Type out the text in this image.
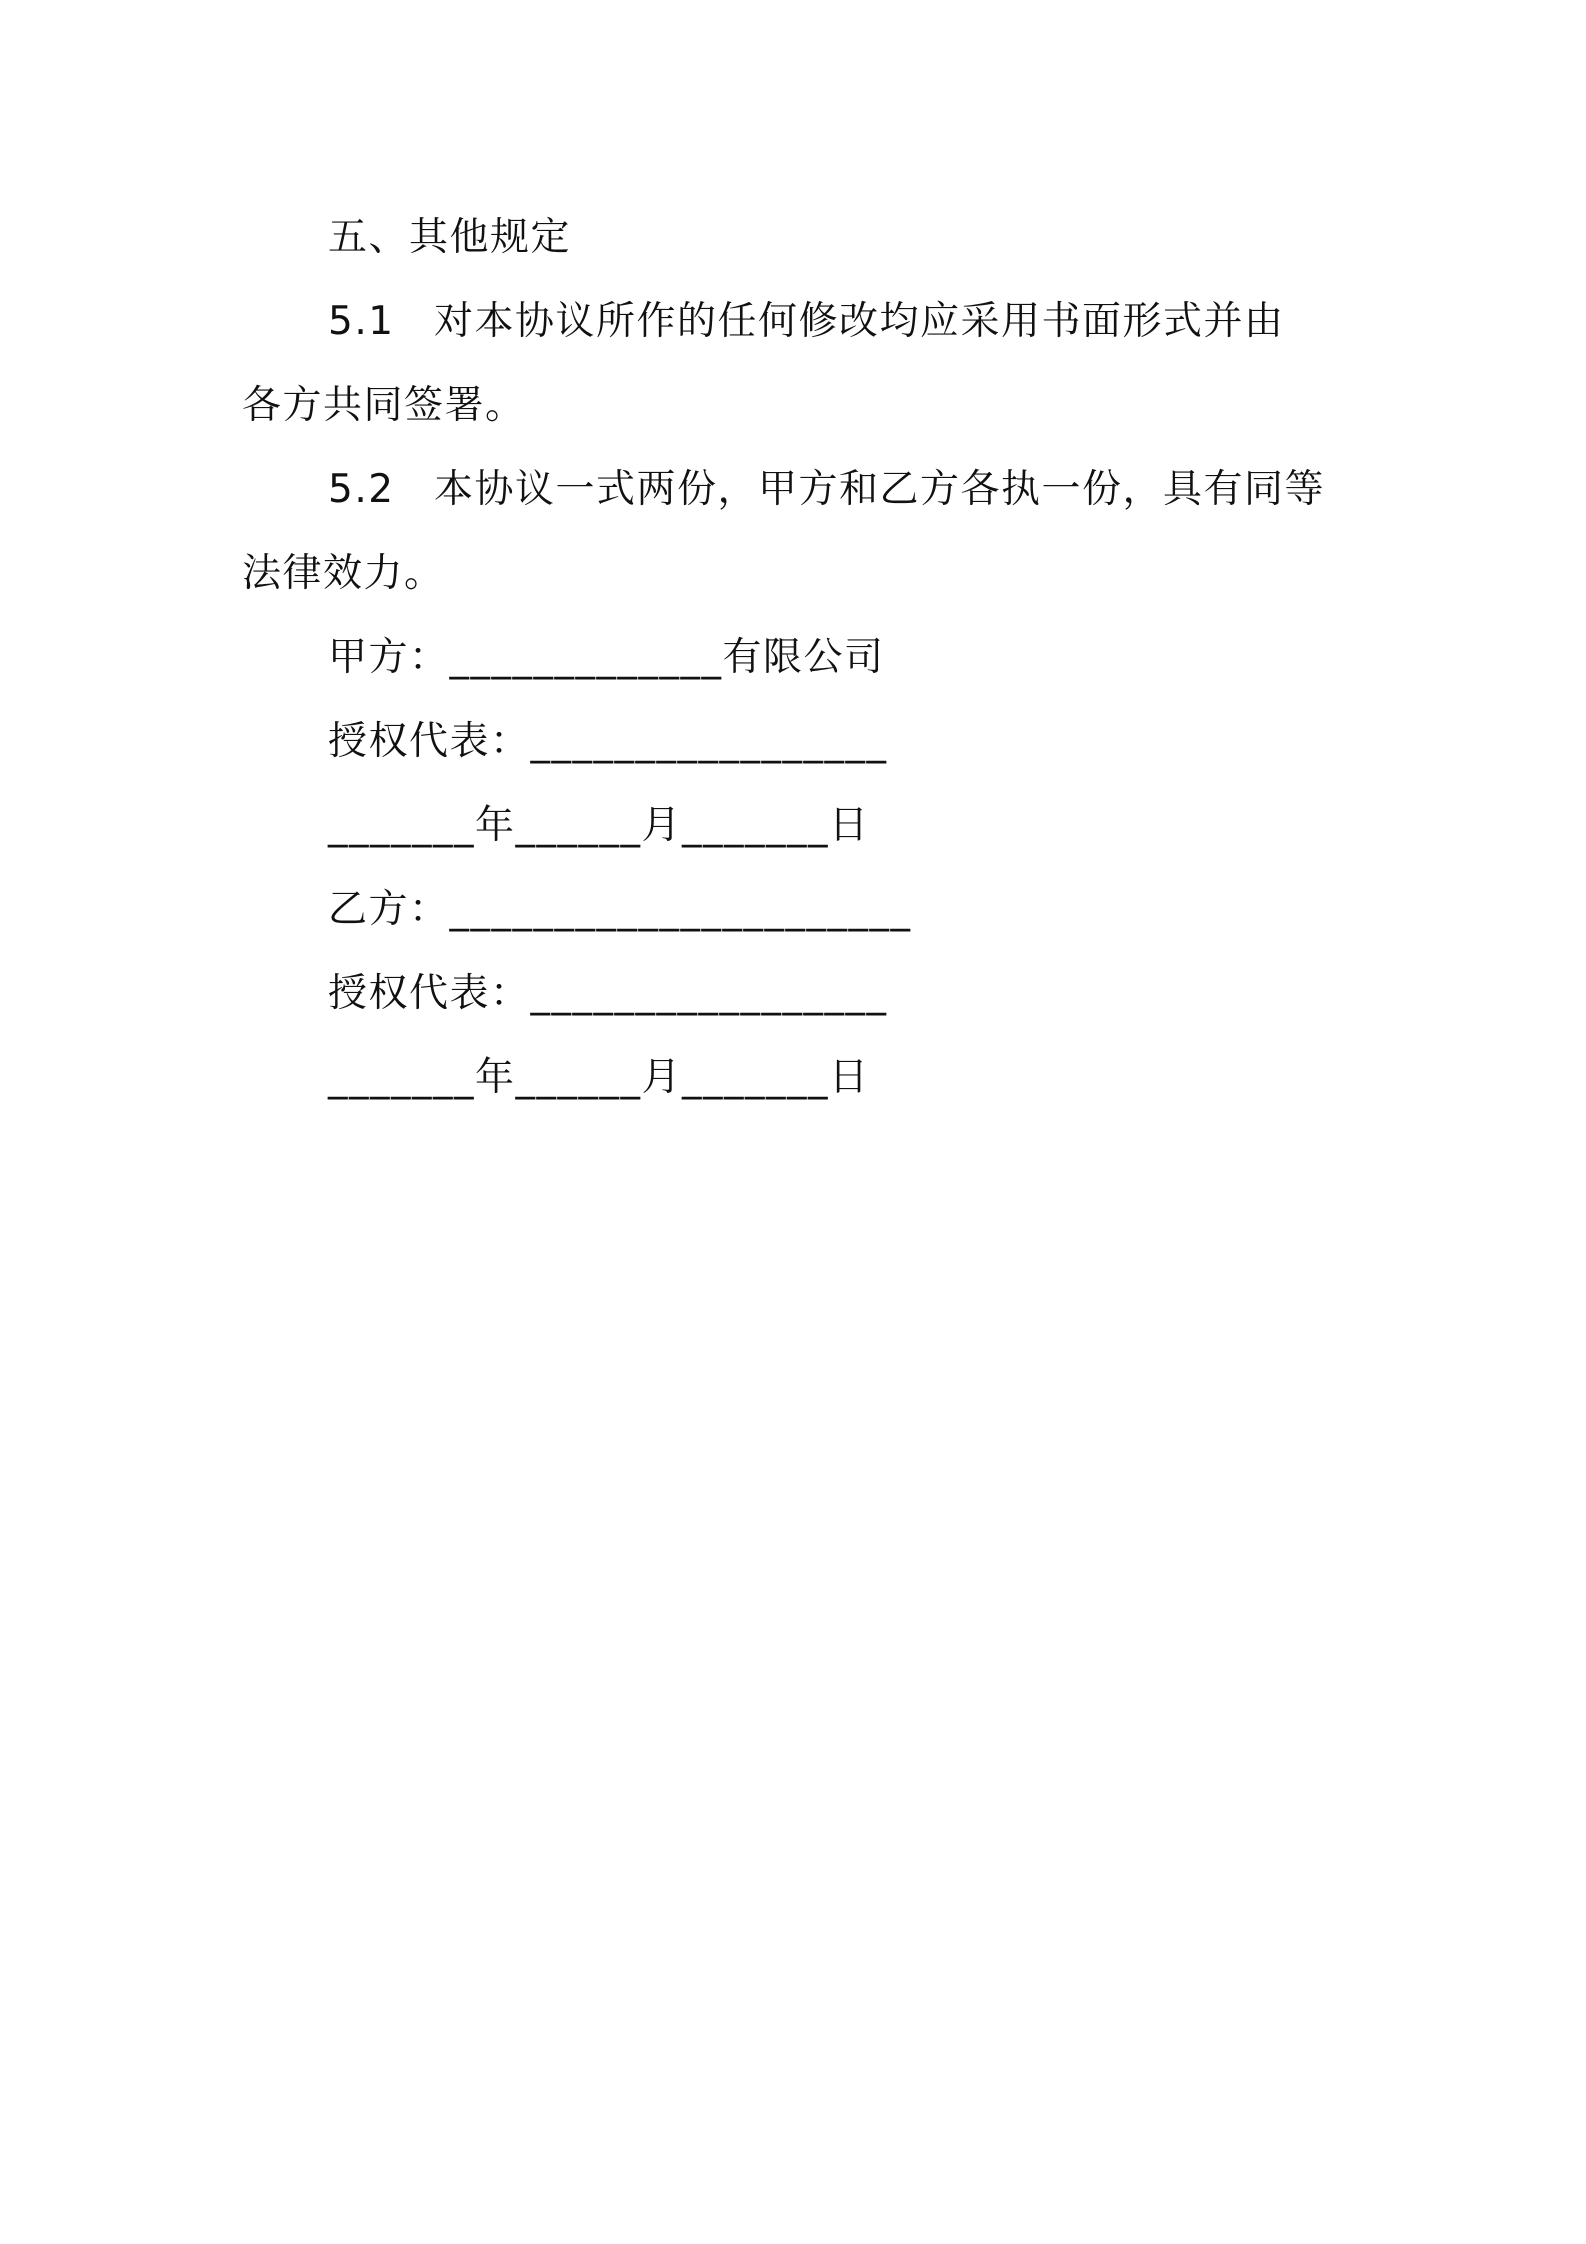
五、其他规定
5.1 对本协议所作的任何修改均应采用书面形式并由
各方共同签署。
5.2 本协议一式两份，甲方和乙方各执一份，具有同等
法律效力。
甲方：_____________有限公司
授权代表：_________________
_______年______月_______日
乙方：______________________
授权代表：_________________
_______年______月_______日
